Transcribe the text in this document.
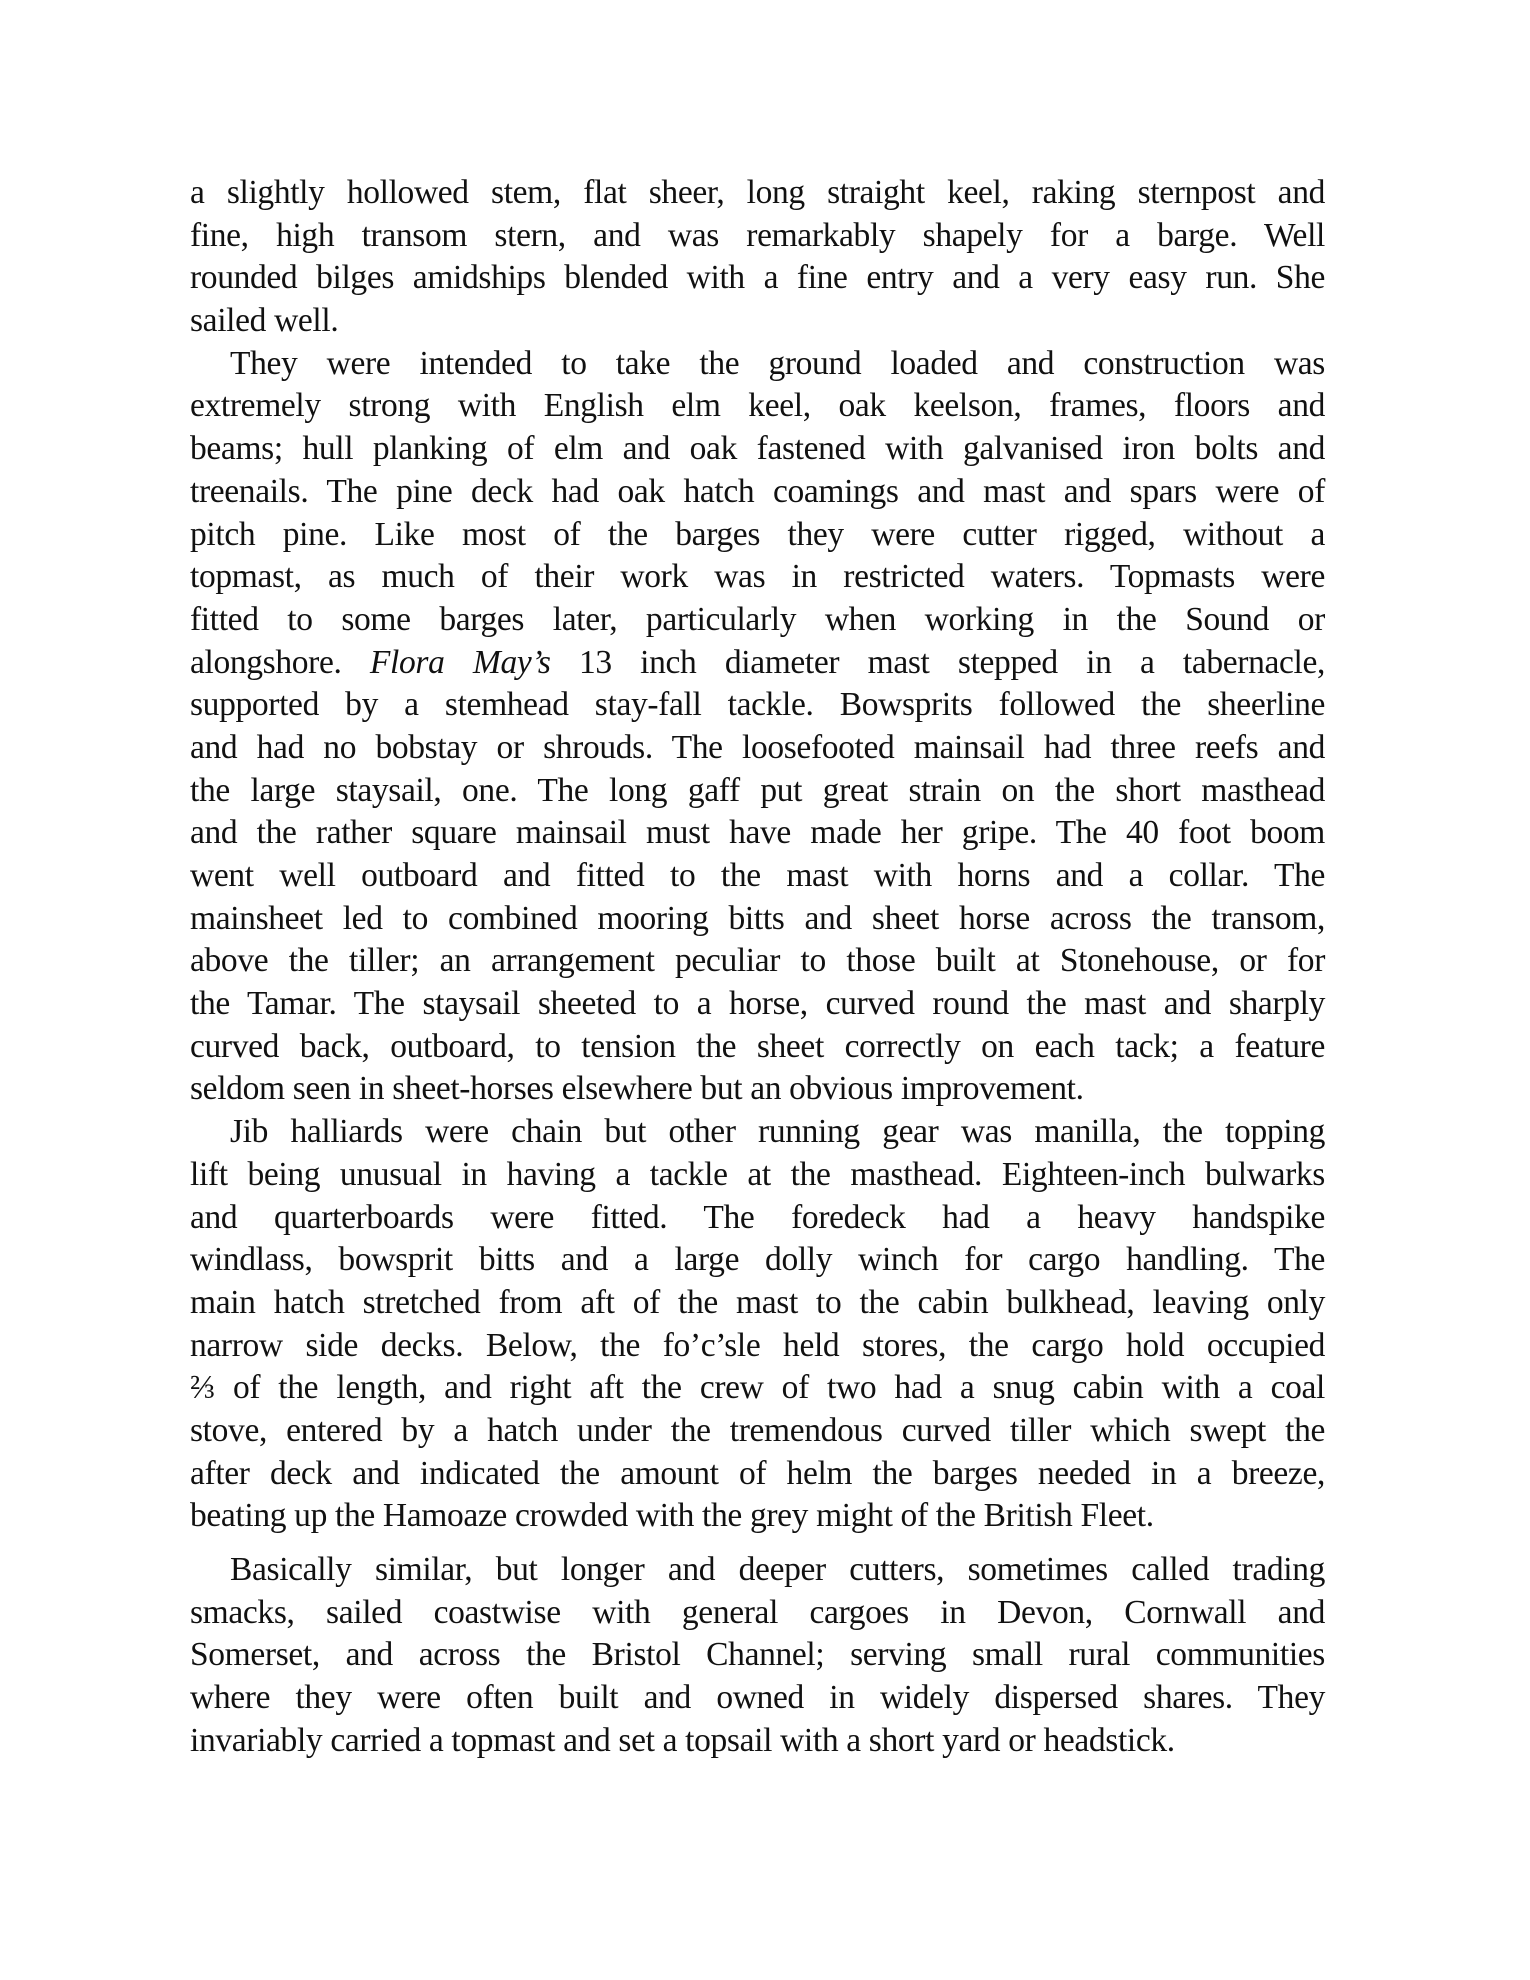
a slightly hollowed stem, flat sheer, long straight keel, raking sternpost and
fine, high transom stern, and was remarkably shapely for a barge. Well
rounded bilges amidships blended with a fine entry and a very easy run. She
sailed well.

They were intended to take the ground loaded and construction was
extremely strong with English elm keel, oak keelson, frames, floors and
beams; hull planking of elm and oak fastened with galvanised iron bolts and
treenails. The pine deck had oak hatch coamings and mast and spars were of
pitch pine. Like most of the barges they were cutter rigged, without a
topmast, as much of their work was in restricted waters. Topmasts were
fitted to some barges later, particularly when working in the Sound or
alongshore. Flora May’s 13 inch diameter mast stepped in a tabernacle,
supported by a stemhead stay-fall tackle. Bowsprits followed the sheerline
and had no bobstay or shrouds. The loosefooted mainsail had three reefs and
the large staysail, one. The long gaff put great strain on the short masthead
and the rather square mainsail must have made her gripe. The 40 foot boom
went well outboard and fitted to the mast with horns and a collar. The
mainsheet led to combined mooring bitts and sheet horse across the transom,
above the tiller; an arrangement peculiar to those built at Stonehouse, or for
the Tamar. The staysail sheeted to a horse, curved round the mast and sharply
curved back, outboard, to tension the sheet correctly on each tack; a feature
seldom seen in sheet-horses elsewhere but an obvious improvement.

Jib halliards were chain but other running gear was manilla, the topping
lift being unusual in having a tackle at the masthead. Eighteen-inch bulwarks
and quarterboards were fitted. The foredeck had a heavy handspike
windlass, bowsprit bitts and a large dolly winch for cargo handling. The
main hatch stretched from aft of the mast to the cabin bulkhead, leaving only
narrow side decks. Below, the fo’c’sle held stores, the cargo hold occupied
⅔ of the length, and right aft the crew of two had a snug cabin with a coal
stove, entered by a hatch under the tremendous curved tiller which swept the
after deck and indicated the amount of helm the barges needed in a breeze,
beating up the Hamoaze crowded with the grey might of the British Fleet.

Basically similar, but longer and deeper cutters, sometimes called trading
smacks, sailed coastwise with general cargoes in Devon, Cornwall and
Somerset, and across the Bristol Channel; serving small rural communities
where they were often built and owned in widely dispersed shares. They
invariably carried a topmast and set a topsail with a short yard or headstick.
